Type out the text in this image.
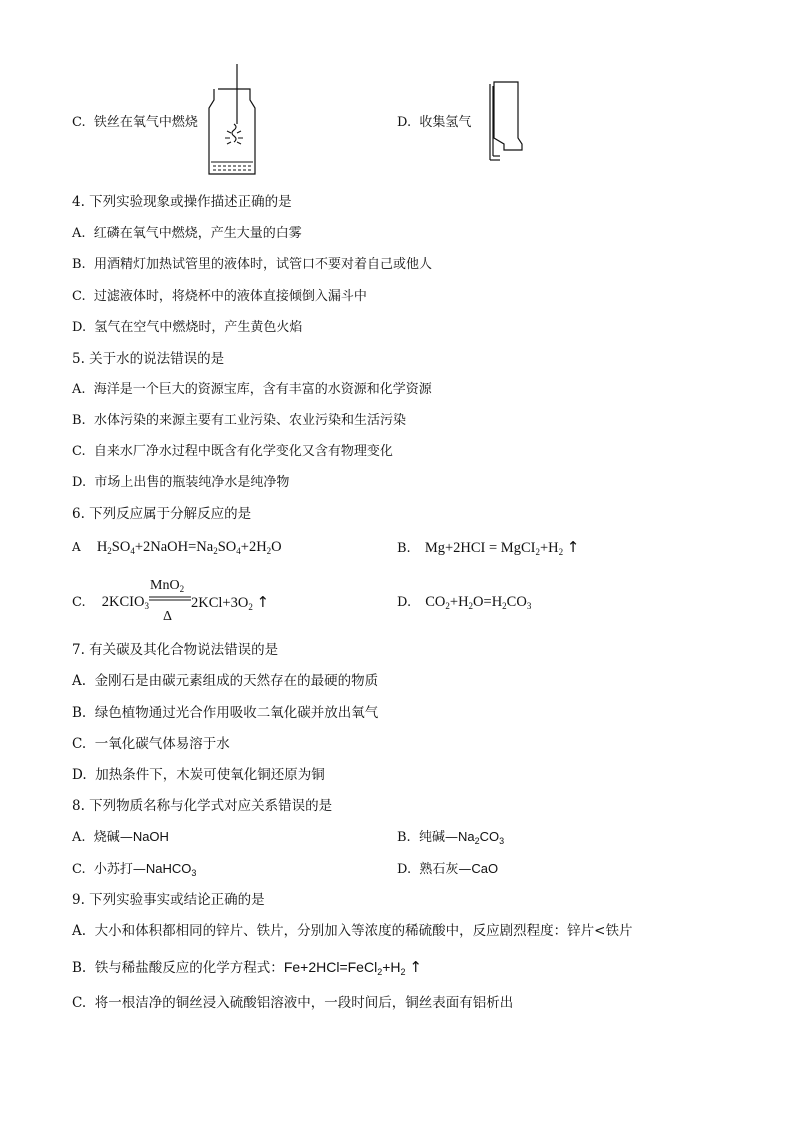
C. 铁丝在氧气中燃烧	D. 收集氢气
4. 下列实验现象或操作描述正确的是
A. 红磷在氧气中燃烧，产生大量的白雾
B. 用酒精灯加热试管里的液体时，试管口不要对着自己或他人
C. 过滤液体时，将烧杯中的液体直接倾倒入漏斗中
D. 氢气在空气中燃烧时，产生黄色火焰
5. 关于水的说法错误的是
A. 海洋是一个巨大的资源宝库，含有丰富的水资源和化学资源
B. 水体污染的来源主要有工业污染、农业污染和生活污染
C. 自来水厂净水过程中既含有化学变化又含有物理变化
D. 市场上出售的瓶装纯净水是纯净物
6. 下列反应属于分解反应的是
A $H_2SO_4+2NaOH=Na_2SO_4+2H_2O$	B. $Mg+2HCI = MgCI_2+H_2$ ↑
C. $2KCIO_3$
MnO$_2$
Δ
$2KCl+3O_2$ ↑	D. $CO_2+H_2O=H_2CO_3$
7. 有关碳及其化合物说法错误的是
A. 金刚石是由碳元素组成的天然存在的最硬的物质
B. 绿色植物通过光合作用吸收二氧化碳并放出氧气
C. 一氧化碳气体易溶于水
D. 加热条件下，木炭可使氧化铜还原为铜
8. 下列物质名称与化学式对应关系错误的是
A. 烧碱—NaOH	B. 纯碱$—Na_2CO_3$
C. 小苏打—NaHCO$_3$	D. 熟石灰—CaO
9. 下列实验事实或结论正确的是
A. 大小和体积都相同的锌片、铁片，分别加入等浓度的稀硫酸中，反应剧烈程度：锌片<铁片
B. 铁与稀盐酸反应的化学方程式：$Fe+2HCl=FeCl_2+H_2$ ↑
C. 将一根洁净的铜丝浸入硫酸铝溶液中，一段时间后，铜丝表面有铝析出
